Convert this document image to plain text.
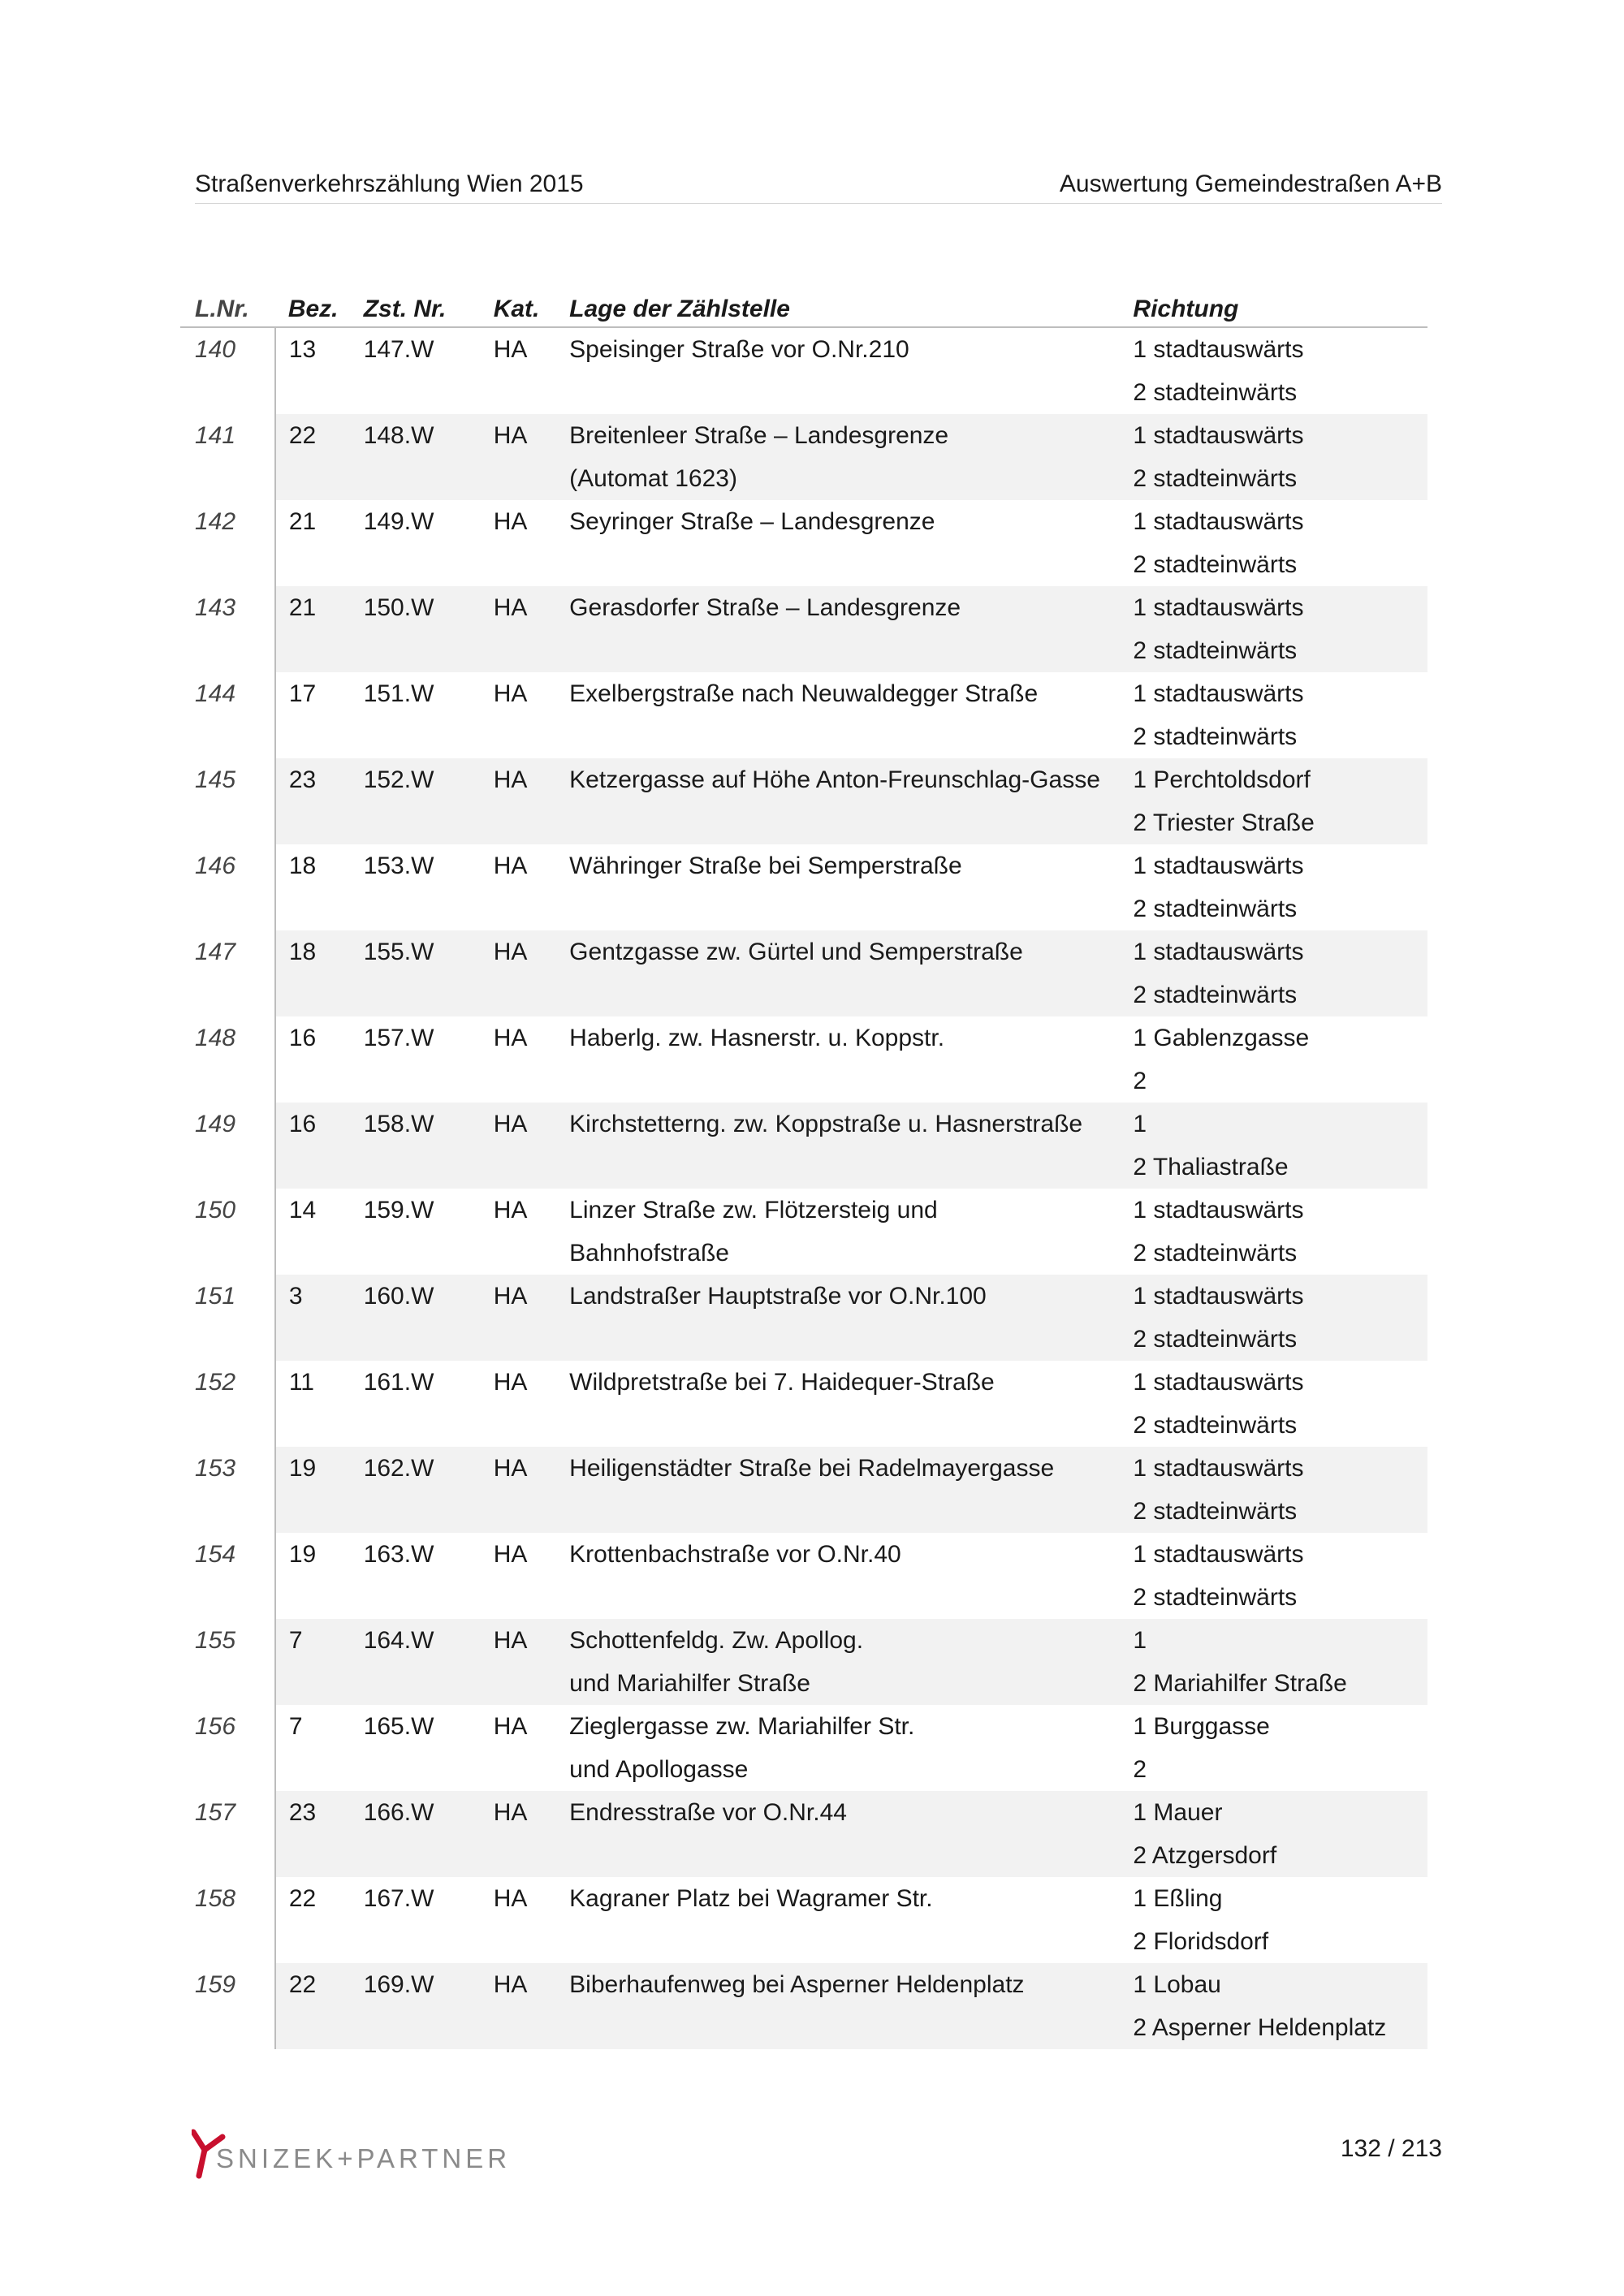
Straßenverkehrszählung Wien 2015	Auswertung Gemeindestraßen A+B
L.Nr.	Bez.	Zst. Nr.	Kat.	Lage der Zählstelle	Richtung
140	13	147.W	HA	Speisinger Straße vor O.Nr.210	1 stadtauswärts
					2 stadteinwärts
141	22	148.W	HA	Breitenleer Straße – Landesgrenze	1 stadtauswärts
				(Automat 1623)	2 stadteinwärts
142	21	149.W	HA	Seyringer Straße – Landesgrenze	1 stadtauswärts
					2 stadteinwärts
143	21	150.W	HA	Gerasdorfer Straße – Landesgrenze	1 stadtauswärts
					2 stadteinwärts
144	17	151.W	HA	Exelbergstraße nach Neuwaldegger Straße	1 stadtauswärts
					2 stadteinwärts
145	23	152.W	HA	Ketzergasse auf Höhe Anton-Freunschlag-Gasse	1 Perchtoldsdorf
					2 Triester Straße
146	18	153.W	HA	Währinger Straße bei Semperstraße	1 stadtauswärts
					2 stadteinwärts
147	18	155.W	HA	Gentzgasse zw. Gürtel und Semperstraße	1 stadtauswärts
					2 stadteinwärts
148	16	157.W	HA	Haberlg. zw. Hasnerstr. u. Koppstr.	1 Gablenzgasse
					2
149	16	158.W	HA	Kirchstetterng. zw. Koppstraße u. Hasnerstraße	1
					2 Thaliastraße
150	14	159.W	HA	Linzer Straße zw. Flötzersteig und	1 stadtauswärts
				Bahnhofstraße	2 stadteinwärts
151	3	160.W	HA	Landstraßer Hauptstraße vor O.Nr.100	1 stadtauswärts
					2 stadteinwärts
152	11	161.W	HA	Wildpretstraße bei 7. Haidequer-Straße	1 stadtauswärts
					2 stadteinwärts
153	19	162.W	HA	Heiligenstädter Straße bei Radelmayergasse	1 stadtauswärts
					2 stadteinwärts
154	19	163.W	HA	Krottenbachstraße vor O.Nr.40	1 stadtauswärts
					2 stadteinwärts
155	7	164.W	HA	Schottenfeldg. Zw. Apollog.	1
				und Mariahilfer Straße	2 Mariahilfer Straße
156	7	165.W	HA	Zieglergasse zw. Mariahilfer Str.	1 Burggasse
				und Apollogasse	2
157	23	166.W	HA	Endresstraße vor O.Nr.44	1 Mauer
					2 Atzgersdorf
158	22	167.W	HA	Kagraner Platz bei Wagramer Str.	1 Eßling
					2 Floridsdorf
159	22	169.W	HA	Biberhaufenweg bei Asperner Heldenplatz	1 Lobau
					2 Asperner Heldenplatz
SNIZEK+PARTNER	132 / 213
